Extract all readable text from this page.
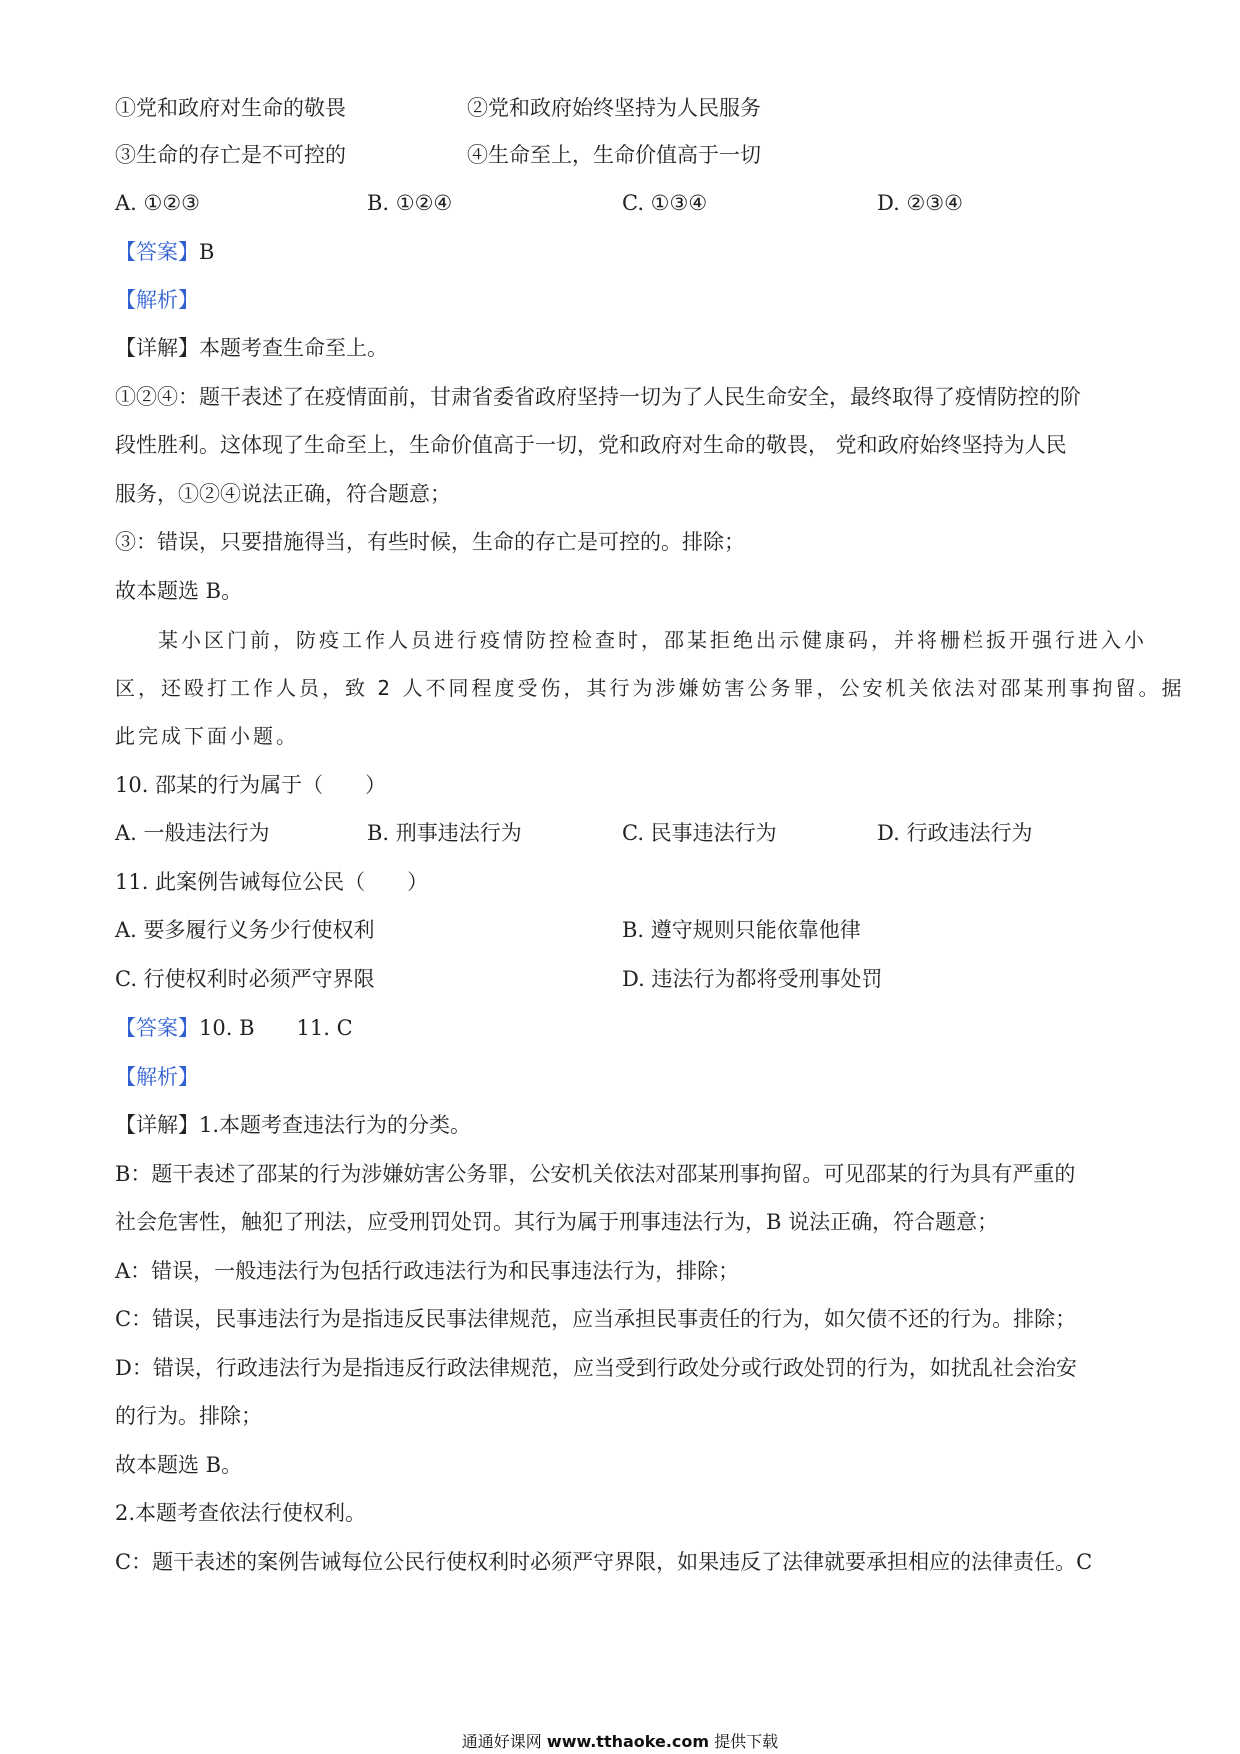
①党和政府对生命的敬畏	②党和政府始终坚持为人民服务
③生命的存亡是不可控的	④生命至上，生命价值高于一切
A. ①②③	B. ①②④	C. ①③④	D. ②③④
【答案】B
【解析】
【详解】本题考查生命至上。
①②④：题干表述了在疫情面前，甘肃省委省政府坚持一切为了人民生命安全，最终取得了疫情防控的阶
段性胜利。这体现了生命至上，生命价值高于一切，党和政府对生命的敬畏， 党和政府始终坚持为人民
服务，①②④说法正确，符合题意；
③：错误，只要措施得当，有些时候，生命的存亡是可控的。排除；
故本题选 B。
某小区门前，防疫工作人员进行疫情防控检查时，邵某拒绝出示健康码，并将栅栏扳开强行进入小
区，还殴打工作人员，致 2 人不同程度受伤，其行为涉嫌妨害公务罪，公安机关依法对邵某刑事拘留。据
此完成下面小题。
10. 邵某的行为属于（　　）
A. 一般违法行为	B. 刑事违法行为	C. 民事违法行为	D. 行政违法行为
11. 此案例告诫每位公民（　　）
A. 要多履行义务少行使权利	B. 遵守规则只能依靠他律
C. 行使权利时必须严守界限	D. 违法行为都将受刑事处罚
【答案】10. B　　11. C
【解析】
【详解】1.本题考查违法行为的分类。
B：题干表述了邵某的行为涉嫌妨害公务罪，公安机关依法对邵某刑事拘留。可见邵某的行为具有严重的
社会危害性，触犯了刑法，应受刑罚处罚。其行为属于刑事违法行为，B 说法正确，符合题意；
A：错误，一般违法行为包括行政违法行为和民事违法行为，排除；
C：错误，民事违法行为是指违反民事法律规范，应当承担民事责任的行为，如欠债不还的行为。排除；
D：错误，行政违法行为是指违反行政法律规范，应当受到行政处分或行政处罚的行为，如扰乱社会治安
的行为。排除；
故本题选 B。
2.本题考查依法行使权利。
C：题干表述的案例告诫每位公民行使权利时必须严守界限，如果违反了法律就要承担相应的法律责任。C
通通好课网 www.tthaoke.com 提供下载
